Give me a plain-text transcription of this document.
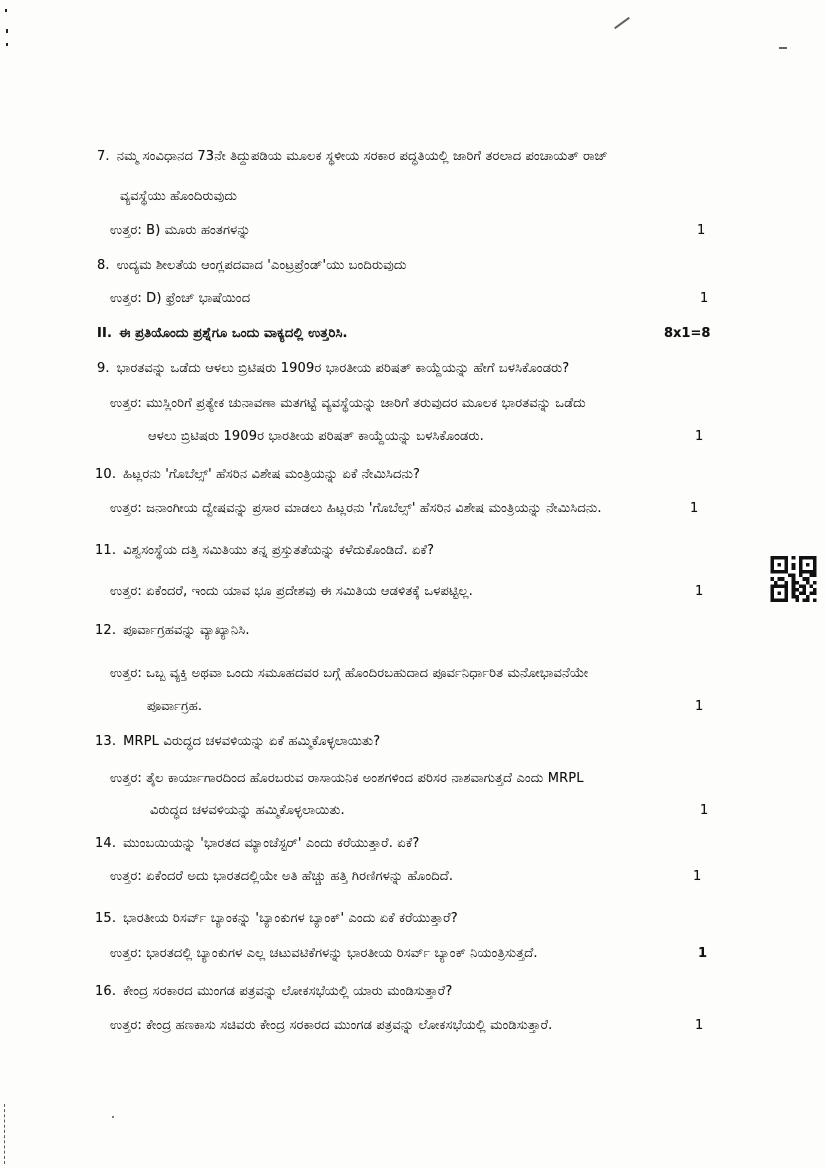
7. ನಮ್ಮ ಸಂವಿಧಾನದ 73ನೇ ತಿದ್ದುಪಡಿಯ ಮೂಲಕ ಸ್ಥಳೀಯ ಸರಕಾರ ಪದ್ಧತಿಯಲ್ಲಿ ಜಾರಿಗೆ ತರಲಾದ ಪಂಚಾಯತ್ ರಾಜ್
ವ್ಯವಸ್ಥೆಯು ಹೊಂದಿರುವುದು
ಉತ್ತರ: B) ಮೂರು ಹಂತಗಳನ್ನು	1
8. ಉದ್ಯಮ ಶೀಲತೆಯ ಆಂಗ್ಲಪದವಾದ 'ಎಂಟ್ರಪ್ರೆಂಡ್'ಯು ಬಂದಿರುವುದು
ಉತ್ತರ: D) ಫ್ರೆಂಚ್ ಭಾಷೆಯಿಂದ	1
II. ಈ ಪ್ರತಿಯೊಂದು ಪ್ರಶ್ನೆಗೂ ಒಂದು ವಾಕ್ಯದಲ್ಲಿ ಉತ್ತರಿಸಿ.	8x1=8
9. ಭಾರತವನ್ನು ಒಡೆದು ಆಳಲು ಬ್ರಿಟಿಷರು 1909ರ ಭಾರತೀಯ ಪರಿಷತ್ ಕಾಯ್ದೆಯನ್ನು ಹೇಗೆ ಬಳಸಿಕೊಂಡರು?
ಉತ್ತರ: ಮುಸ್ಲಿಂರಿಗೆ ಪ್ರತ್ಯೇಕ ಚುನಾವಣಾ ಮತಗಟ್ಟೆ ವ್ಯವಸ್ಥೆಯನ್ನು ಜಾರಿಗೆ ತರುವುದರ ಮೂಲಕ ಭಾರತವನ್ನು ಒಡೆದು
ಆಳಲು ಬ್ರಿಟಿಷರು 1909ರ ಭಾರತೀಯ ಪರಿಷತ್ ಕಾಯ್ದೆಯನ್ನು ಬಳಸಿಕೊಂಡರು.	1
10. ಹಿಟ್ಲರನು 'ಗೊಬೆಲ್ಸ್' ಹೆಸರಿನ ವಿಶೇಷ ಮಂತ್ರಿಯನ್ನು ಏಕೆ ನೇಮಿಸಿದನು?
ಉತ್ತರ: ಜನಾಂಗೀಯ ದ್ವೇಷವನ್ನು ಪ್ರಸಾರ ಮಾಡಲು ಹಿಟ್ಲರನು 'ಗೊಬೆಲ್ಸ್' ಹೆಸರಿನ ವಿಶೇಷ ಮಂತ್ರಿಯನ್ನು ನೇಮಿಸಿದನು.	1
11. ವಿಶ್ವಸಂಸ್ಥೆಯ ದತ್ತಿ ಸಮಿತಿಯು ತನ್ನ ಪ್ರಸ್ತುತತೆಯನ್ನು ಕಳೆದುಕೊಂಡಿದೆ. ಏಕೆ?
ಉತ್ತರ: ಏಕೆಂದರೆ, ಇಂದು ಯಾವ ಭೂ ಪ್ರದೇಶವು ಈ ಸಮಿತಿಯ ಆಡಳಿತಕ್ಕೆ ಒಳಪಟ್ಟಿಲ್ಲ.	1
12. ಪೂರ್ವಾಗ್ರಹವನ್ನು ವ್ಯಾಖ್ಯಾನಿಸಿ.
ಉತ್ತರ: ಒಬ್ಬ ವ್ಯಕ್ತಿ ಅಥವಾ ಒಂದು ಸಮೂಹದವರ ಬಗ್ಗೆ ಹೊಂದಿರಬಹುದಾದ ಪೂರ್ವನಿರ್ಧಾರಿತ ಮನೋಭಾವನೆಯೇ
ಪೂರ್ವಾಗ್ರಹ.	1
13. MRPL ವಿರುದ್ಧದ ಚಳವಳಿಯನ್ನು ಏಕೆ ಹಮ್ಮಿಕೊಳ್ಳಲಾಯಿತು?
ಉತ್ತರ: ತೈಲ ಕಾರ್ಯಾಗಾರದಿಂದ ಹೊರಬರುವ ರಾಸಾಯನಿಕ ಅಂಶಗಳಿಂದ ಪರಿಸರ ನಾಶವಾಗುತ್ತದೆ ಎಂದು MRPL
ವಿರುದ್ಧದ ಚಳವಳಿಯನ್ನು ಹಮ್ಮಿಕೊಳ್ಳಲಾಯಿತು.	1
14. ಮುಂಬಯಿಯನ್ನು 'ಭಾರತದ ಮ್ಯಾಂಚೆಸ್ಟರ್' ಎಂದು ಕರೆಯುತ್ತಾರೆ. ಏಕೆ?
ಉತ್ತರ: ಏಕೆಂದರೆ ಅದು ಭಾರತದಲ್ಲಿಯೇ ಅತಿ ಹೆಚ್ಚು ಹತ್ತಿ ಗಿರಣಿಗಳನ್ನು ಹೊಂದಿದೆ.	1
15. ಭಾರತೀಯ ರಿಸರ್ವ್ ಬ್ಯಾಂಕನ್ನು 'ಬ್ಯಾಂಕುಗಳ ಬ್ಯಾಂಕ್' ಎಂದು ಏಕೆ ಕರೆಯುತ್ತಾರೆ?
ಉತ್ತರ: ಭಾರತದಲ್ಲಿ ಬ್ಯಾಂಕುಗಳ ಎಲ್ಲ ಚಟುವಟಿಕೆಗಳನ್ನು ಭಾರತೀಯ ರಿಸರ್ವ್ ಬ್ಯಾಂಕ್ ನಿಯಂತ್ರಿಸುತ್ತದೆ.	1
16. ಕೇಂದ್ರ ಸರಕಾರದ ಮುಂಗಡ ಪತ್ರವನ್ನು ಲೋಕಸಭೆಯಲ್ಲಿ ಯಾರು ಮಂಡಿಸುತ್ತಾರೆ?
ಉತ್ತರ: ಕೇಂದ್ರ ಹಣಕಾಸು ಸಚಿವರು ಕೇಂದ್ರ ಸರಕಾರದ ಮುಂಗಡ ಪತ್ರವನ್ನು ಲೋಕಸಭೆಯಲ್ಲಿ ಮಂಡಿಸುತ್ತಾರೆ.	1
